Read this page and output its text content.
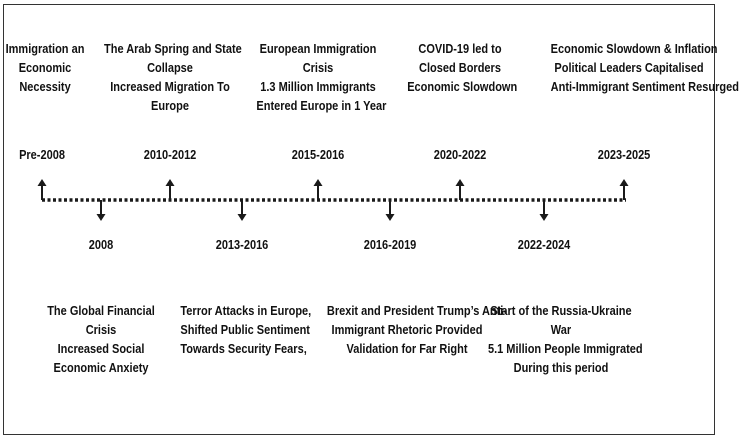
Immigration an
Economic
Necessity
Pre-2008
The Arab Spring and State
Collapse
Increased Migration To
Europe
2010-2012
European Immigration
Crisis
1.3 Million Immigrants
Entered Europe in 1 Year
2015-2016
COVID-19 led to
Closed Borders
Economic Slowdown
2020-2022
Economic Slowdown & Inflation
Political Leaders Capitalised
Anti-Immigrant Sentiment Resurged
2023-2025
2008
The Global Financial
Crisis
Increased Social
Economic Anxiety
2013-2016
Terror Attacks in Europe,
Shifted Public Sentiment
Towards Security Fears,
2016-2019
Brexit and President Trump’s Anti-
Immigrant Rhetoric Provided
Validation for Far Right
2022-2024
Start of the Russia-Ukraine
War
5.1 Million People Immigrated
During this period
